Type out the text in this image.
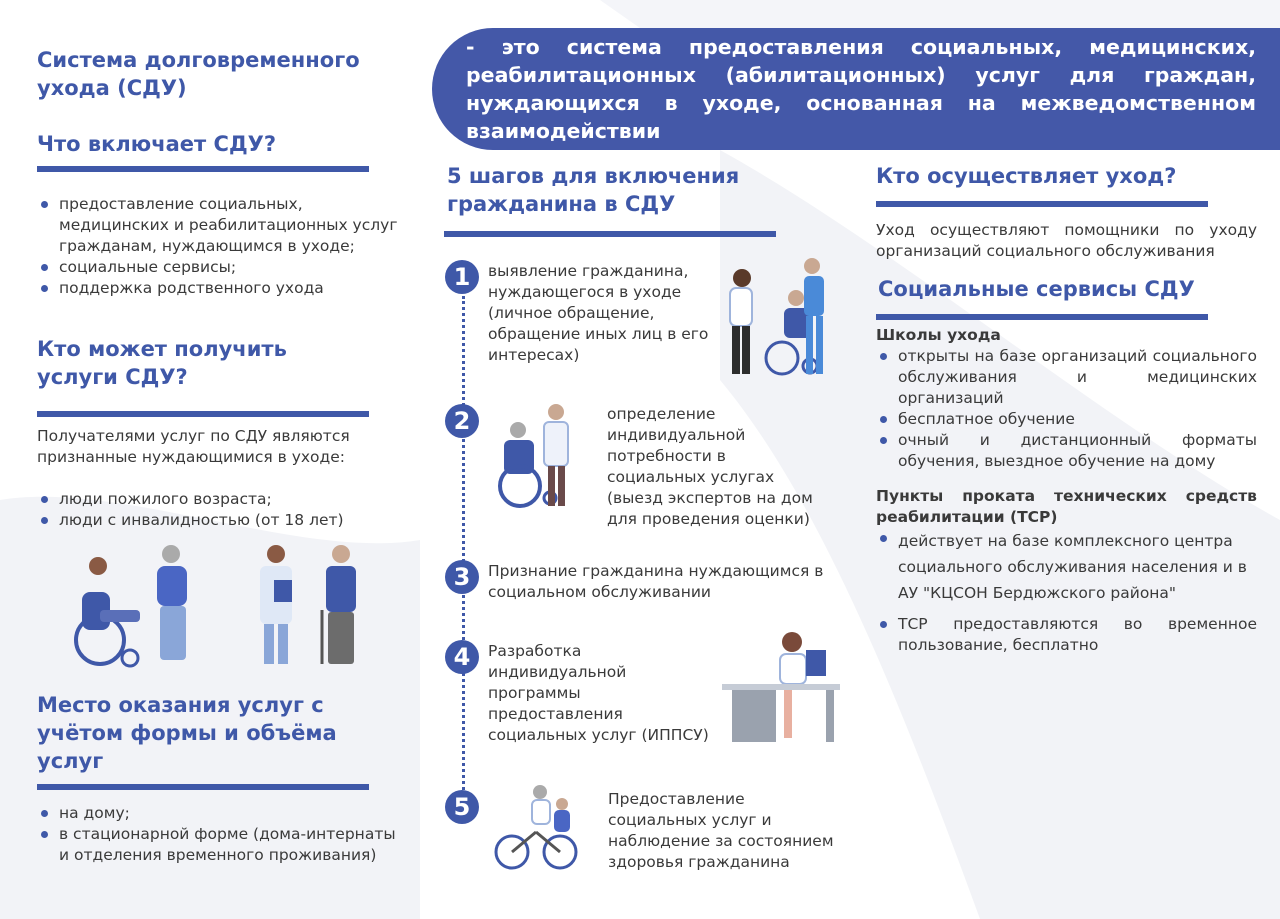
Система долговременного ухода (СДУ)
Что включает СДУ?
предоставление социальных, медицинских и реабилитационных услуг гражданам, нуждающимся в уходе;
социальные сервисы;
поддержка родственного ухода
Кто может получить услуги СДУ?
Получателями услуг по СДУ являются признанные нуждающимися в уходе:
люди пожилого возраста;
люди с инвалидностью (от 18 лет)
Место оказания услуг с учётом формы и объёма услуг
на дому;
в стационарной форме (дома-интернаты и отделения временного проживания)
- это система предоставления социальных, медицинских, реабилитационных (абилитационных) услуг для граждан, нуждающихся в уходе, основанная на межведомственном взаимодействии
5 шагов для включения гражданина в СДУ
1	выявление гражданина, нуждающегося в уходе (личное обращение, обращение иных лиц в его интересах)
2	определение индивидуальной потребности в социальных услугах (выезд экспертов на дом для проведения оценки)
3	Признание гражданина нуждающимся в социальном обслуживании
4	Разработка индивидуальной программы предоставления социальных услуг (ИППСУ)
5	Предоставление социальных услуг и наблюдение за состоянием здоровья гражданина
Кто осуществляет уход?
Уход осуществляют помощники по уходу организаций социального обслуживания
Социальные сервисы СДУ
Школы ухода
открыты на базе организаций социального обслуживания и медицинских организаций
бесплатное обучение
очный и дистанционный форматы обучения, выездное обучение на дому
Пункты проката технических средств реабилитации (ТСР)
действует на базе комплексного центра социального обслуживания населения и в АУ "КЦСОН Бердюжского района"
ТСР предоставляются во временное пользование, бесплатно
